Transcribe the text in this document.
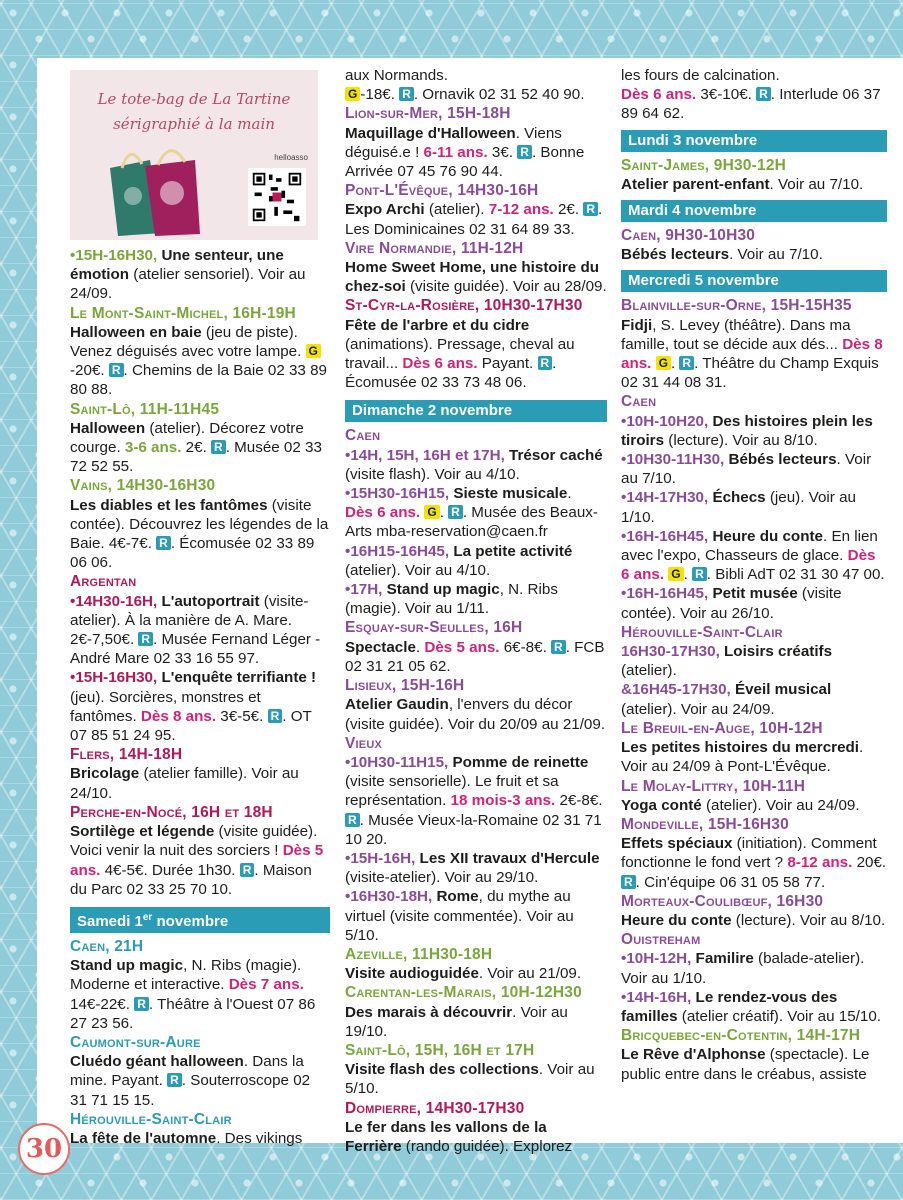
Le tote-bag de La Tartine
sérigraphié à la main
helloasso

•15H-16H30, Une senteur, une émotion (atelier sensoriel). Voir au 24/09.

Le Mont-Saint-Michel, 16H-19H
Halloween en baie (jeu de piste). Venez déguisés avec votre lampe. G-20€. R . Chemins de la Baie 02 33 89 80 88.

Saint-Lô, 11H-11H45
Halloween (atelier). Décorez votre courge. 3-6 ans. 2€. R . Musée 02 33 72 52 55.

Vains, 14H30-16H30
Les diables et les fantômes (visite contée). Découvrez les légendes de la Baie. 4€-7€. R . Écomusée 02 33 89 06 06.

Argentan
•14H30-16H, L'autoportrait (visite-atelier). À la manière de A. Mare. 2€-7,50€. R . Musée Fernand Léger - André Mare 02 33 16 55 97.
•15H-16H30, L'enquête terrifiante ! (jeu). Sorcières, monstres et fantômes. Dès 8 ans. 3€-5€. R . OT 07 85 51 24 95.

Flers, 14H-18H
Bricolage (atelier famille). Voir au 24/10.

Perche-en-Nocé, 16H et 18H
Sortilège et légende (visite guidée). Voici venir la nuit des sorciers ! Dès 5 ans. 4€-5€. Durée 1h30. R . Maison du Parc 02 33 25 70 10.

Samedi 1er novembre

Caen, 21H
Stand up magic, N. Ribs (magie). Moderne et interactive. Dès 7 ans. 14€-22€. R . Théâtre à l'Ouest 07 86 27 23 56.

Caumont-sur-Aure
Cluédo géant halloween. Dans la mine. Payant. R . Souterroscope 02 31 71 15 15.

Hérouville-Saint-Clair
La fête de l'automne. Des vikings

aux Normands.
G -18€. R . Ornavik 02 31 52 40 90.

Lion-sur-Mer, 15H-18H
Maquillage d'Halloween. Viens déguisé.e ! 6-11 ans. 3€. R . Bonne Arrivée 07 45 76 90 44.

Pont-L'Évêque, 14H30-16H
Expo Archi (atelier). 7-12 ans. 2€. R . Les Dominicaines 02 31 64 89 33.

Vire Normandie, 11H-12H
Home Sweet Home, une histoire du chez-soi (visite guidée). Voir au 28/09.

St-Cyr-la-Rosière, 10H30-17H30
Fête de l'arbre et du cidre (animations). Pressage, cheval au travail... Dès 6 ans. Payant. R . Écomusée 02 33 73 48 06.

Dimanche 2 novembre

Caen
•14H, 15H, 16H et 17H, Trésor caché (visite flash). Voir au 4/10.
•15H30-16H15, Sieste musicale.
Dès 6 ans. G . R . Musée des Beaux-Arts mba-reservation@caen.fr
•16H15-16H45, La petite activité (atelier). Voir au 4/10.
•17H, Stand up magic, N. Ribs (magie). Voir au 1/11.

Esquay-sur-Seulles, 16H
Spectacle. Dès 5 ans. 6€-8€. R . FCB 02 31 21 05 62.

Lisieux, 15H-16H
Atelier Gaudin, l'envers du décor (visite guidée). Voir du 20/09 au 21/09.

Vieux
•10H30-11H15, Pomme de reinette (visite sensorielle). Le fruit et sa représentation. 18 mois-3 ans. 2€-8€. R . Musée Vieux-la-Romaine 02 31 71 10 20.
•15H-16H, Les XII travaux d'Hercule (visite-atelier). Voir au 29/10.
•16H30-18H, Rome, du mythe au virtuel (visite commentée). Voir au 5/10.

Azeville, 11H30-18H
Visite audioguidée. Voir au 21/09.

Carentan-les-Marais, 10H-12H30
Des marais à découvrir. Voir au 19/10.

Saint-Lô, 15H, 16H et 17H
Visite flash des collections. Voir au 5/10.

Dompierre, 14H30-17H30
Le fer dans les vallons de la Ferrière (rando guidée). Explorez

les fours de calcination.
Dès 6 ans. 3€-10€. R . Interlude 06 37 89 64 62.

Lundi 3 novembre

Saint-James, 9H30-12H
Atelier parent-enfant. Voir au 7/10.

Mardi 4 novembre

Caen, 9H30-10H30
Bébés lecteurs. Voir au 7/10.

Mercredi 5 novembre

Blainville-sur-Orne, 15H-15H35
Fidji, S. Levey (théâtre). Dans ma famille, tout se décide aux dés... Dès 8 ans. G . R . Théâtre du Champ Exquis 02 31 44 08 31.

Caen
•10H-10H20, Des histoires plein les tiroirs (lecture). Voir au 8/10.
•10H30-11H30, Bébés lecteurs. Voir au 7/10.
•14H-17H30, Échecs (jeu). Voir au 1/10.
•16H-16H45, Heure du conte. En lien avec l'expo, Chasseurs de glace. Dès 6 ans. G . R . Bibli AdT 02 31 30 47 00.
•16H-16H45, Petit musée (visite contée). Voir au 26/10.

Hérouville-Saint-Clair
16H30-17H30, Loisirs créatifs (atelier).
&16H45-17H30, Éveil musical (atelier). Voir au 24/09.

Le Breuil-en-Auge, 10H-12H
Les petites histoires du mercredi. Voir au 24/09 à Pont-L'Évêque.

Le Molay-Littry, 10H-11H
Yoga conté (atelier). Voir au 24/09.

Mondeville, 15H-16H30
Effets spéciaux (initiation). Comment fonctionne le fond vert ? 8-12 ans. 20€. R . Cin'équipe 06 31 05 58 77.

Morteaux-Coulibœuf, 16H30
Heure du conte (lecture). Voir au 8/10.

Ouistreham
•10H-12H, Familire (balade-atelier). Voir au 1/10.
•14H-16H, Le rendez-vous des familles (atelier créatif). Voir au 15/10.

Bricquebec-en-Cotentin, 14H-17H
Le Rêve d'Alphonse (spectacle). Le public entre dans le créabus, assiste

30
